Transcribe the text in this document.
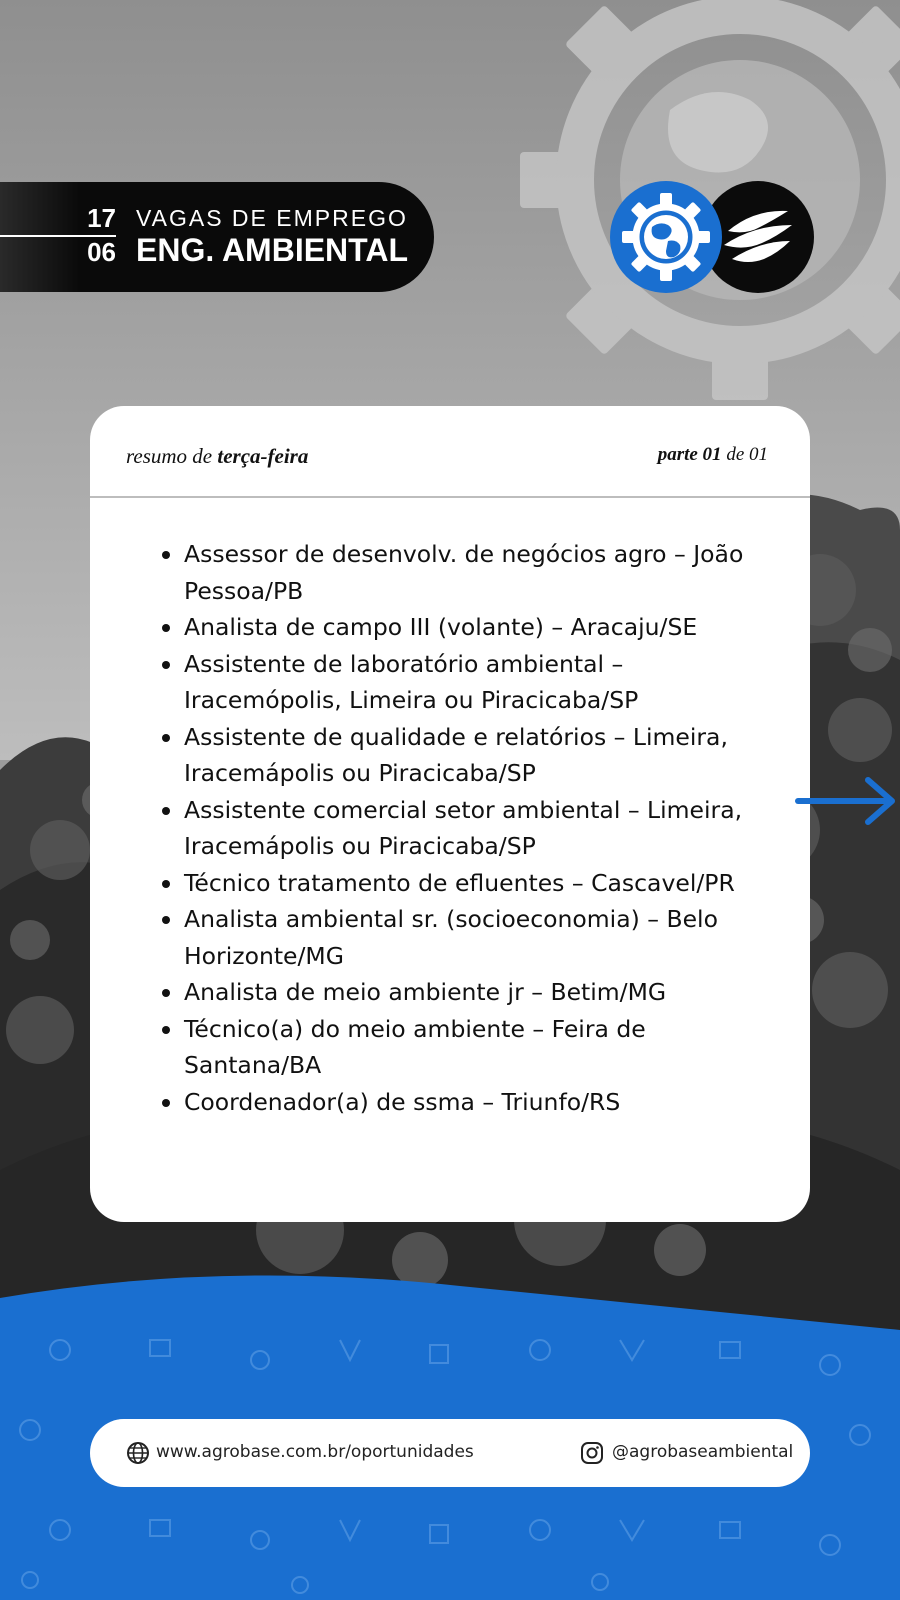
17
06
VAGAS DE EMPREGO
ENG. AMBIENTAL
resumo de terça-feira	parte 01 de 01
Assessor de desenvolv. de negócios agro – João Pessoa/PB
Analista de campo III (volante) – Aracaju/SE
Assistente de laboratório ambiental – Iracemópolis, Limeira ou Piracicaba/SP
Assistente de qualidade e relatórios – Limeira, Iracemápolis ou Piracicaba/SP
Assistente comercial setor ambiental – Limeira, Iracemápolis ou Piracicaba/SP
Técnico tratamento de efluentes – Cascavel/PR
Analista ambiental sr. (socioeconomia) – Belo Horizonte/MG
Analista de meio ambiente jr – Betim/MG
Técnico(a) do meio ambiente – Feira de Santana/BA
Coordenador(a) de ssma – Triunfo/RS
www.agrobase.com.br/oportunidades	@agrobaseambiental
